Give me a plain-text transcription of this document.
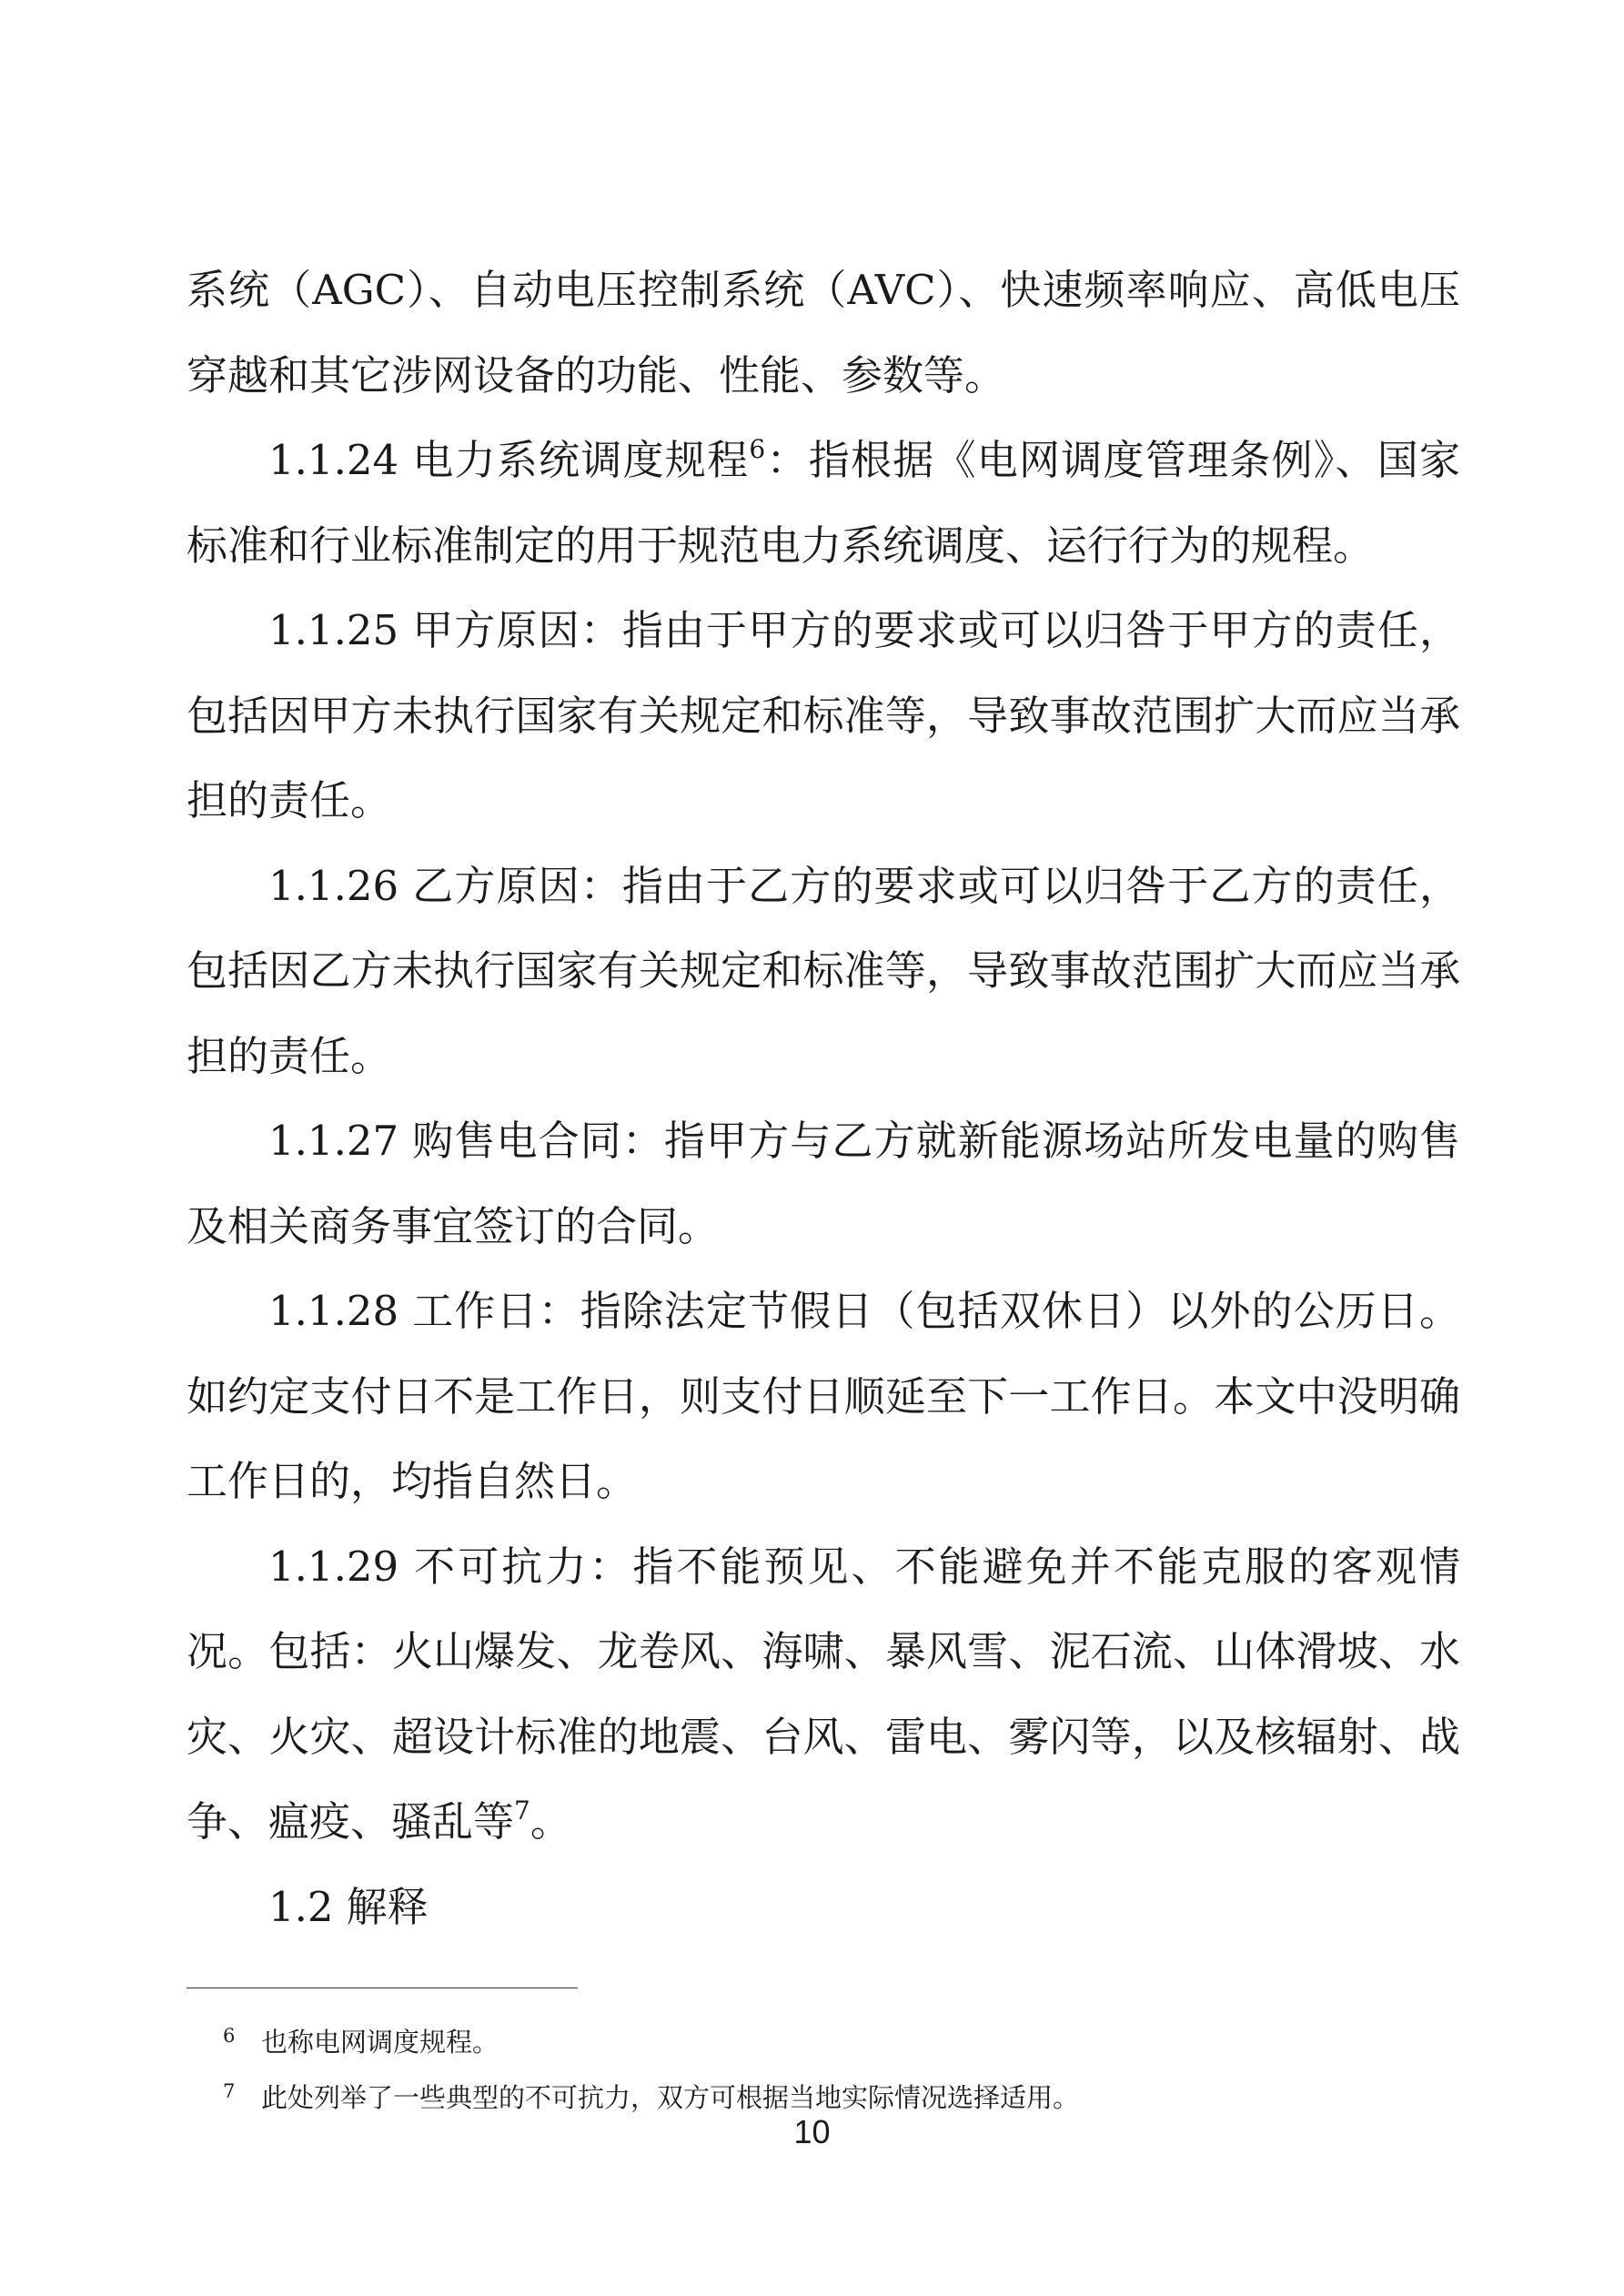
系统（AGC）、自动电压控制系统（AVC）、快速频率响应、高低电压穿越和其它涉网设备的功能、性能、参数等。

1.1.24 电力系统调度规程$^6$：指根据《电网调度管理条例》、国家标准和行业标准制定的用于规范电力系统调度、运行行为的规程。

1.1.25 甲方原因：指由于甲方的要求或可以归咎于甲方的责任，包括因甲方未执行国家有关规定和标准等，导致事故范围扩大而应当承担的责任。

1.1.26 乙方原因：指由于乙方的要求或可以归咎于乙方的责任，包括因乙方未执行国家有关规定和标准等，导致事故范围扩大而应当承担的责任。

1.1.27 购售电合同：指甲方与乙方就新能源场站所发电量的购售及相关商务事宜签订的合同。

1.1.28 工作日：指除法定节假日（包括双休日）以外的公历日。如约定支付日不是工作日，则支付日顺延至下一工作日。本文中没明确工作日的，均指自然日。

1.1.29 不可抗力：指不能预见、不能避免并不能克服的客观情况。包括：火山爆发、龙卷风、海啸、暴风雪、泥石流、山体滑坡、水灾、火灾、超设计标准的地震、台风、雷电、雾闪等，以及核辐射、战争、瘟疫、骚乱等$^7$。

1.2 解释

6 也称电网调度规程。

7 此处列举了一些典型的不可抗力，双方可根据当地实际情况选择适用。

10
